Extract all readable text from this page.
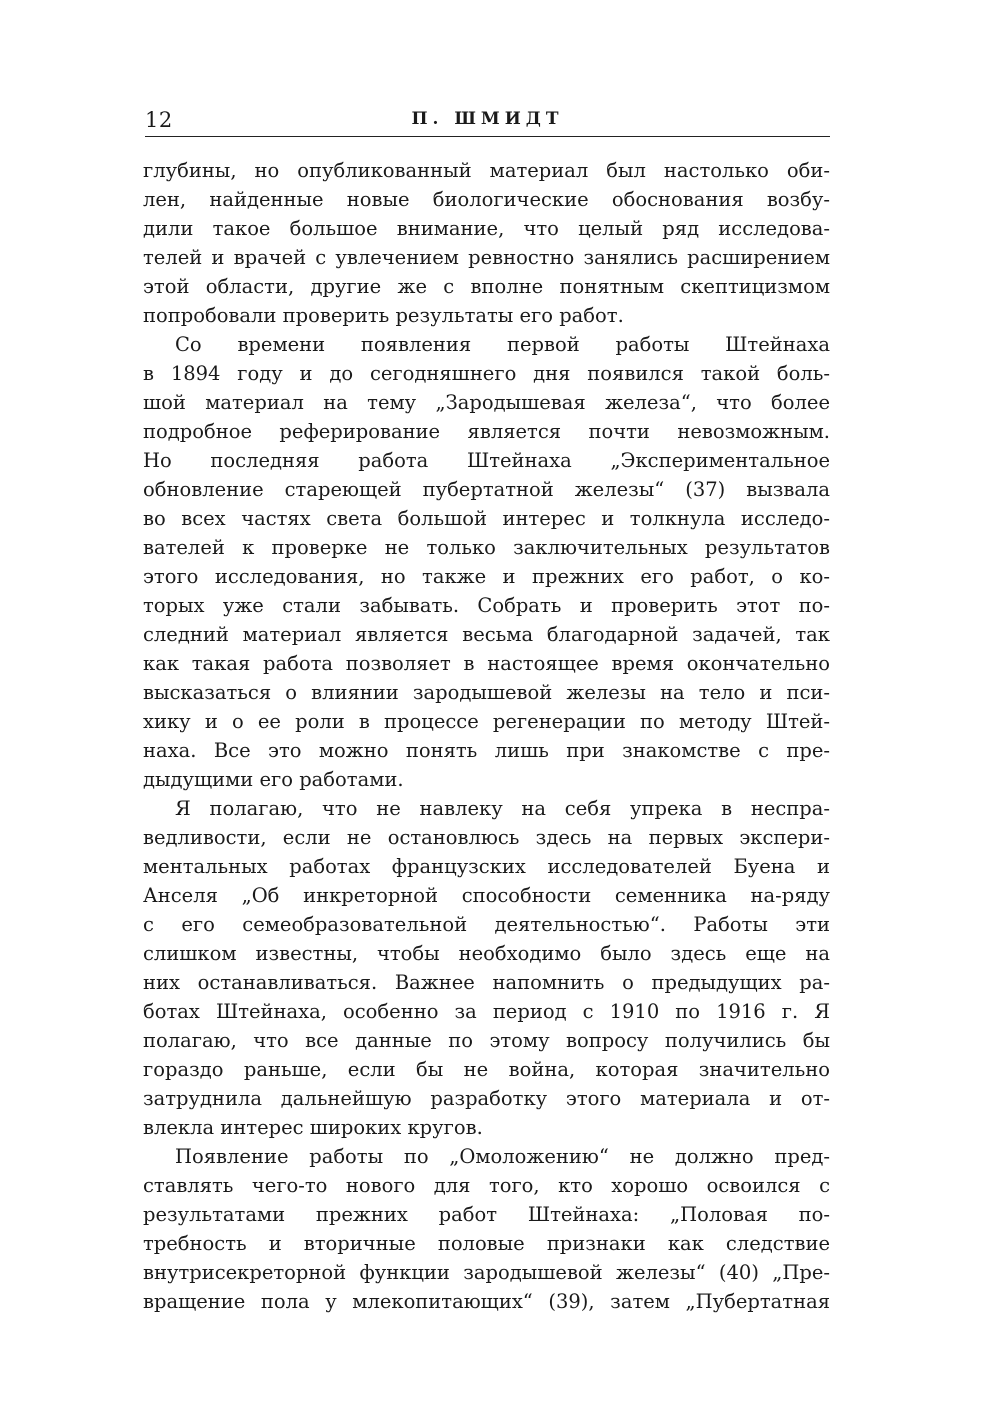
12	П. ШМИДТ
глубины, но опубликованный материал был настолько оби-
лен, найденные новые биологические обоснования возбу-
дили такое большое внимание, что целый ряд исследова-
телей и врачей с увлечением ревностно занялись расширением
этой области, другие же с вполне понятным скептицизмом
попробовали проверить результаты его работ.
Со времени появления первой работы Штейнаха
в 1894 году и до сегодняшнего дня появился такой боль-
шой материал на тему „Зародышевая железа“, что более
подробное реферирование является почти невозможным.
Но последняя работа Штейнаха „Экспериментальное
обновление стареющей пубертатной железы“ (37) вызвала
во всех частях света большой интерес и толкнула исследо-
вателей к проверке не только заключительных результатов
этого исследования, но также и прежних его работ, о ко-
торых уже стали забывать. Собрать и проверить этот по-
следний материал является весьма благодарной задачей, так
как такая работа позволяет в настоящее время окончательно
высказаться о влиянии зародышевой железы на тело и пси-
хику и о ее роли в процессе регенерации по методу Штей-
наха. Все это можно понять лишь при знакомстве с пре-
дыдущими его работами.
Я полагаю, что не навлеку на себя упрека в неспра-
ведливости, если не остановлюсь здесь на первых экспери-
ментальных работах французских исследователей Буена и
Анселя „Об инкреторной способности семенника на-ряду
с его семеобразовательной деятельностью“. Работы эти
слишком известны, чтобы необходимо было здесь еще на
них останавливаться. Важнее напомнить о предыдущих ра-
ботах Штейнаха, особенно за период с 1910 по 1916 г. Я
полагаю, что все данные по этому вопросу получились бы
гораздо раньше, если бы не война, которая значительно
затруднила дальнейшую разработку этого материала и от-
влекла интерес широких кругов.
Появление работы по „Омоложению“ не должно пред-
ставлять чего-то нового для того, кто хорошо освоился с
результатами прежних работ Штейнаха: „Половая по-
требность и вторичные половые признаки как следствие
внутрисекреторной функции зародышевой железы“ (40) „Пре-
вращение пола у млекопитающих“ (39), затем „Пубертатная
